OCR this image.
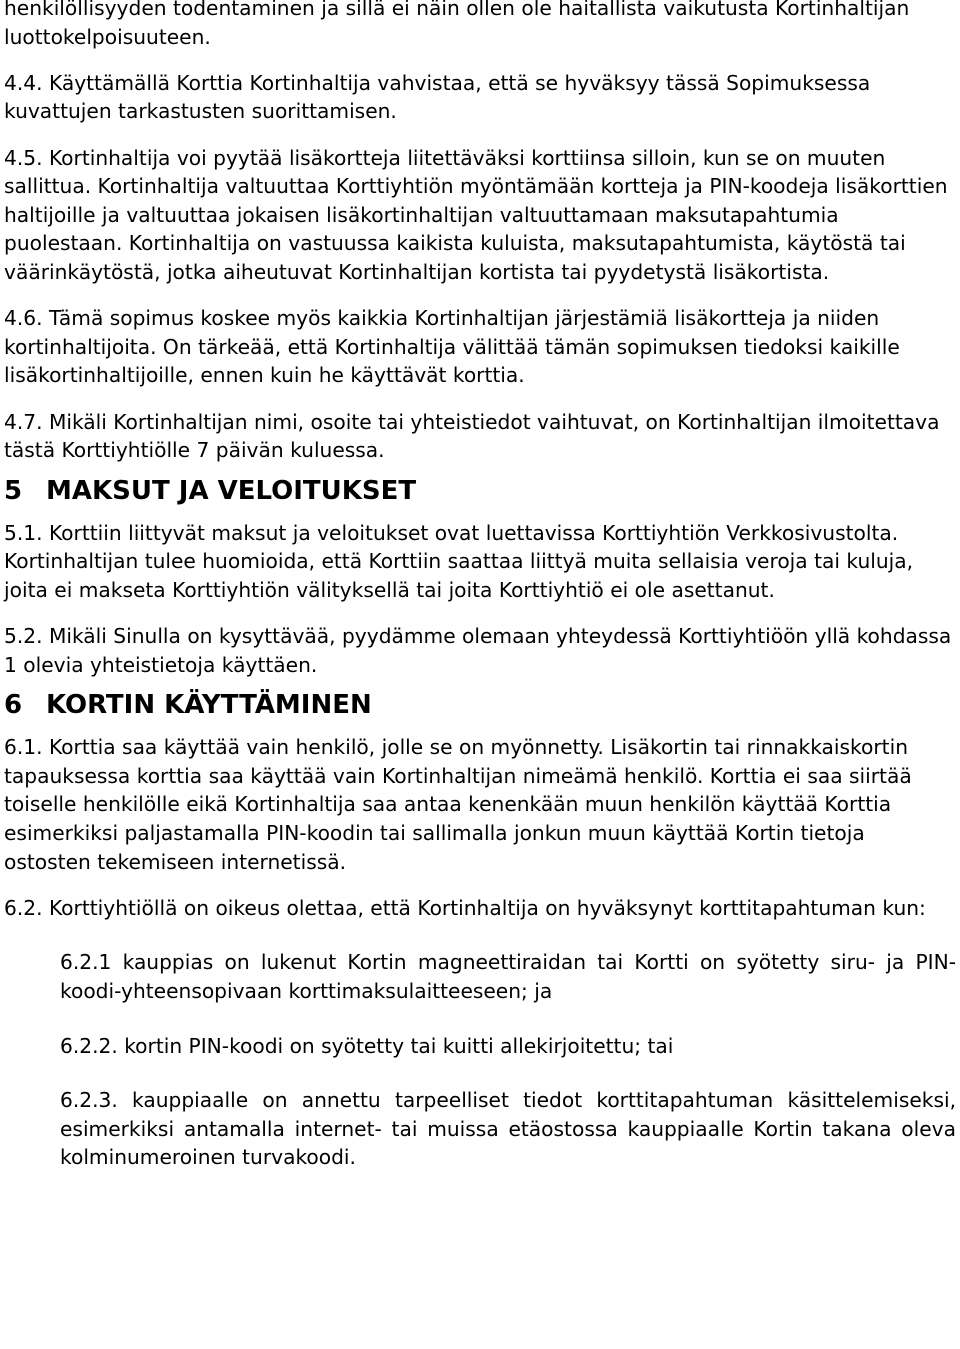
henkilöllisyyden todentaminen ja sillä ei näin ollen ole haitallista vaikutusta Kortinhaltijan luottokelpoisuuteen.

4.4. Käyttämällä Korttia Kortinhaltija vahvistaa, että se hyväksyy tässä Sopimuksessa kuvattujen tarkastusten suorittamisen.

4.5. Kortinhaltija voi pyytää lisäkortteja liitettäväksi korttiinsa silloin, kun se on muuten sallittua. Kortinhaltija valtuuttaa Korttiyhtiön myöntämään kortteja ja PIN-koodeja lisäkorttien haltijoille ja valtuuttaa jokaisen lisäkortinhaltijan valtuuttamaan maksutapahtumia puolestaan. Kortinhaltija on vastuussa kaikista kuluista, maksutapahtumista, käytöstä tai väärinkäytöstä, jotka aiheutuvat Kortinhaltijan kortista tai pyydetystä lisäkortista.

4.6. Tämä sopimus koskee myös kaikkia Kortinhaltijan järjestämiä lisäkortteja ja niiden kortinhaltijoita. On tärkeää, että Kortinhaltija välittää tämän sopimuksen tiedoksi kaikille lisäkortinhaltijoille, ennen kuin he käyttävät korttia.

4.7. Mikäli Kortinhaltijan nimi, osoite tai yhteistiedot vaihtuvat, on Kortinhaltijan ilmoitettava tästä Korttiyhtiölle 7 päivän kuluessa.

5 MAKSUT JA VELOITUKSET

5.1. Korttiin liittyvät maksut ja veloitukset ovat luettavissa Korttiyhtiön Verkkosivustolta. Kortinhaltijan tulee huomioida, että Korttiin saattaa liittyä muita sellaisia veroja tai kuluja, joita ei makseta Korttiyhtiön välityksellä tai joita Korttiyhtiö ei ole asettanut.

5.2. Mikäli Sinulla on kysyttävää, pyydämme olemaan yhteydessä Korttiyhtiöön yllä kohdassa 1 olevia yhteistietoja käyttäen.

6 KORTIN KÄYTTÄMINEN

6.1. Korttia saa käyttää vain henkilö, jolle se on myönnetty. Lisäkortin tai rinnakkaiskortin tapauksessa korttia saa käyttää vain Kortinhaltijan nimeämä henkilö. Korttia ei saa siirtää toiselle henkilölle eikä Kortinhaltija saa antaa kenenkään muun henkilön käyttää Korttia esimerkiksi paljastamalla PIN-koodin tai sallimalla jonkun muun käyttää Kortin tietoja ostosten tekemiseen internetissä.

6.2. Korttiyhtiöllä on oikeus olettaa, että Kortinhaltija on hyväksynyt korttitapahtuman kun:

6.2.1 kauppias on lukenut Kortin magneettiraidan tai Kortti on syötetty siru- ja PIN-koodi-yhteensopivaan korttimaksulaitteeseen; ja

6.2.2. kortin PIN-koodi on syötetty tai kuitti allekirjoitettu; tai

6.2.3. kauppiaalle on annettu tarpeelliset tiedot korttitapahtuman käsittelemiseksi, esimerkiksi antamalla internet- tai muissa etäostossa kauppiaalle Kortin takana oleva kolminumeroinen turvakoodi.
